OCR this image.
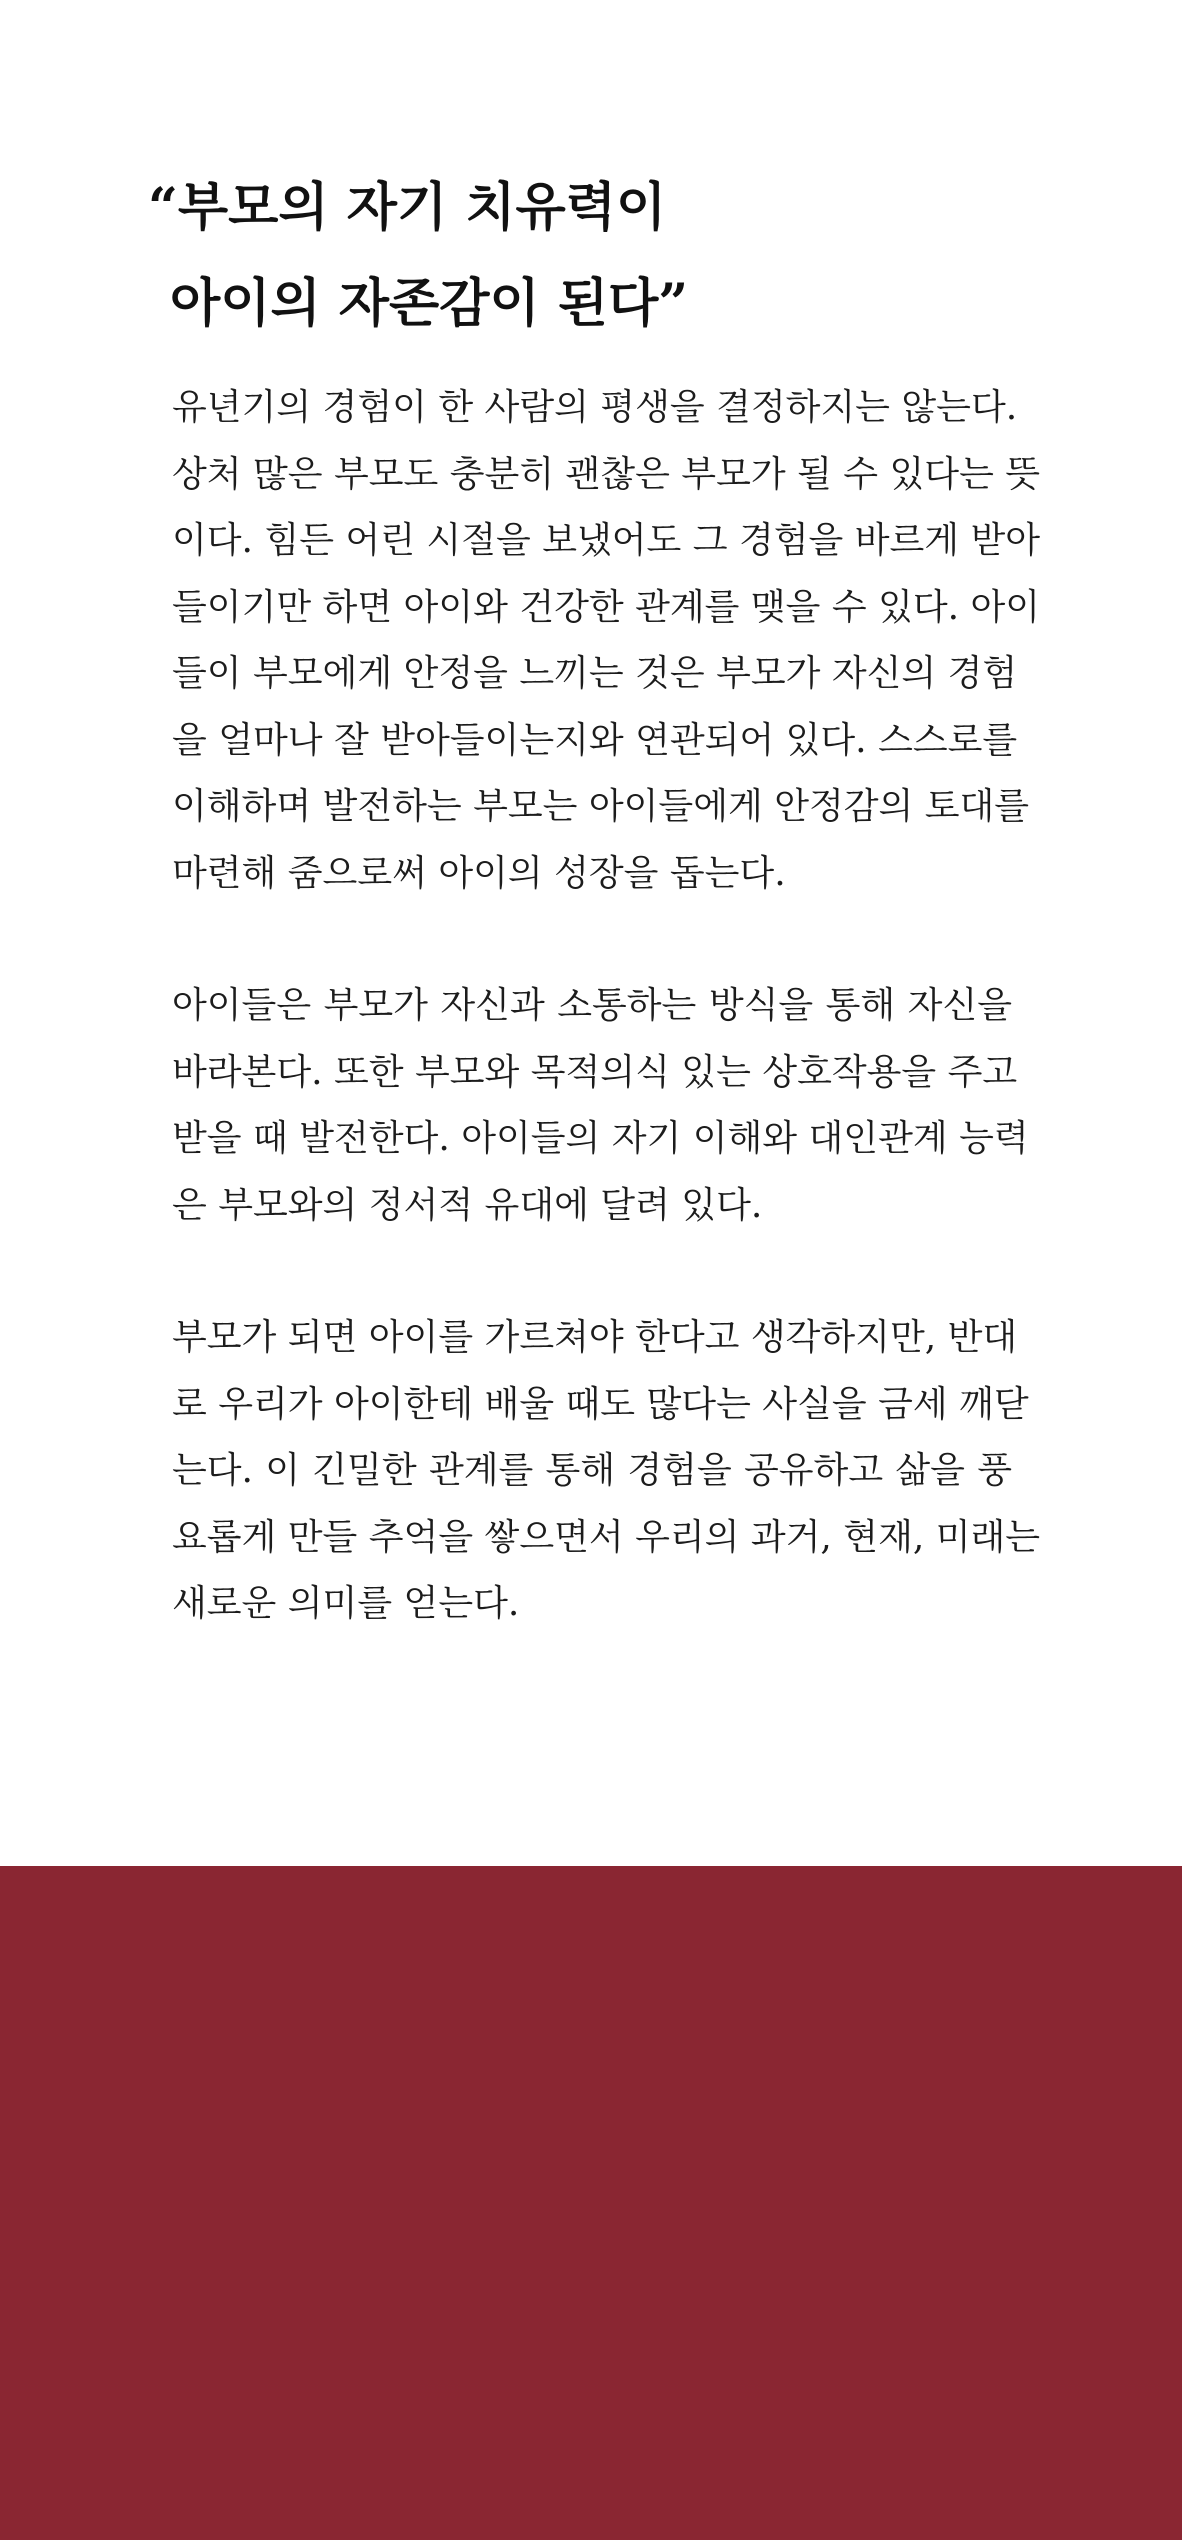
“부모의 자기 치유력이
아이의 자존감이 된다”

유년기의 경험이 한 사람의 평생을 결정하지는 않는다.
상처 많은 부모도 충분히 괜찮은 부모가 될 수 있다는 뜻
이다. 힘든 어린 시절을 보냈어도 그 경험을 바르게 받아
들이기만 하면 아이와 건강한 관계를 맺을 수 있다. 아이
들이 부모에게 안정을 느끼는 것은 부모가 자신의 경험
을 얼마나 잘 받아들이는지와 연관되어 있다. 스스로를
이해하며 발전하는 부모는 아이들에게 안정감의 토대를
마련해 줌으로써 아이의 성장을 돕는다.

아이들은 부모가 자신과 소통하는 방식을 통해 자신을
바라본다. 또한 부모와 목적의식 있는 상호작용을 주고
받을 때 발전한다. 아이들의 자기 이해와 대인관계 능력
은 부모와의 정서적 유대에 달려 있다.

부모가 되면 아이를 가르쳐야 한다고 생각하지만, 반대
로 우리가 아이한테 배울 때도 많다는 사실을 금세 깨닫
는다. 이 긴밀한 관계를 통해 경험을 공유하고 삶을 풍
요롭게 만들 추억을 쌓으면서 우리의 과거, 현재, 미래는
새로운 의미를 얻는다.
